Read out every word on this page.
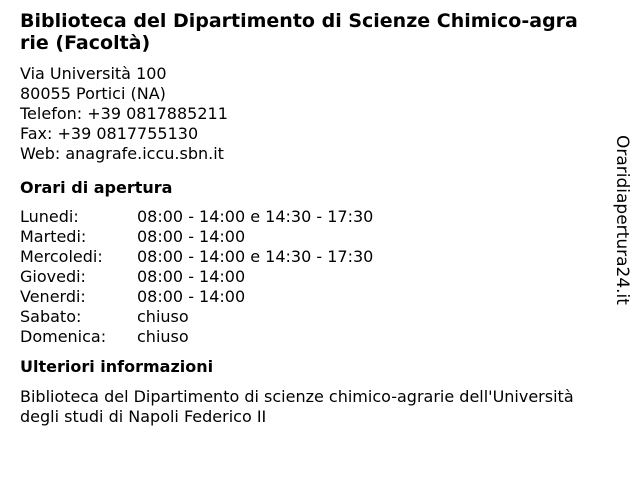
Biblioteca del Dipartimento di Scienze Chimico-agrarie (Facoltà)
Via Università 100
80055 Portici (NA)
Telefon: +39 0817885211
Fax: +39 0817755130
Web: anagrafe.iccu.sbn.it
Orari di apertura
Lunedi:	08:00 - 14:00 e 14:30 - 17:30
Martedi:	08:00 - 14:00
Mercoledi:	08:00 - 14:00 e 14:30 - 17:30
Giovedi:	08:00 - 14:00
Venerdi:	08:00 - 14:00
Sabato:	chiuso
Domenica:	chiuso
Ulteriori informazioni
Biblioteca del Dipartimento di scienze chimico-agrarie dell'Università degli studi di Napoli Federico II
Oraridiapertura24.it
